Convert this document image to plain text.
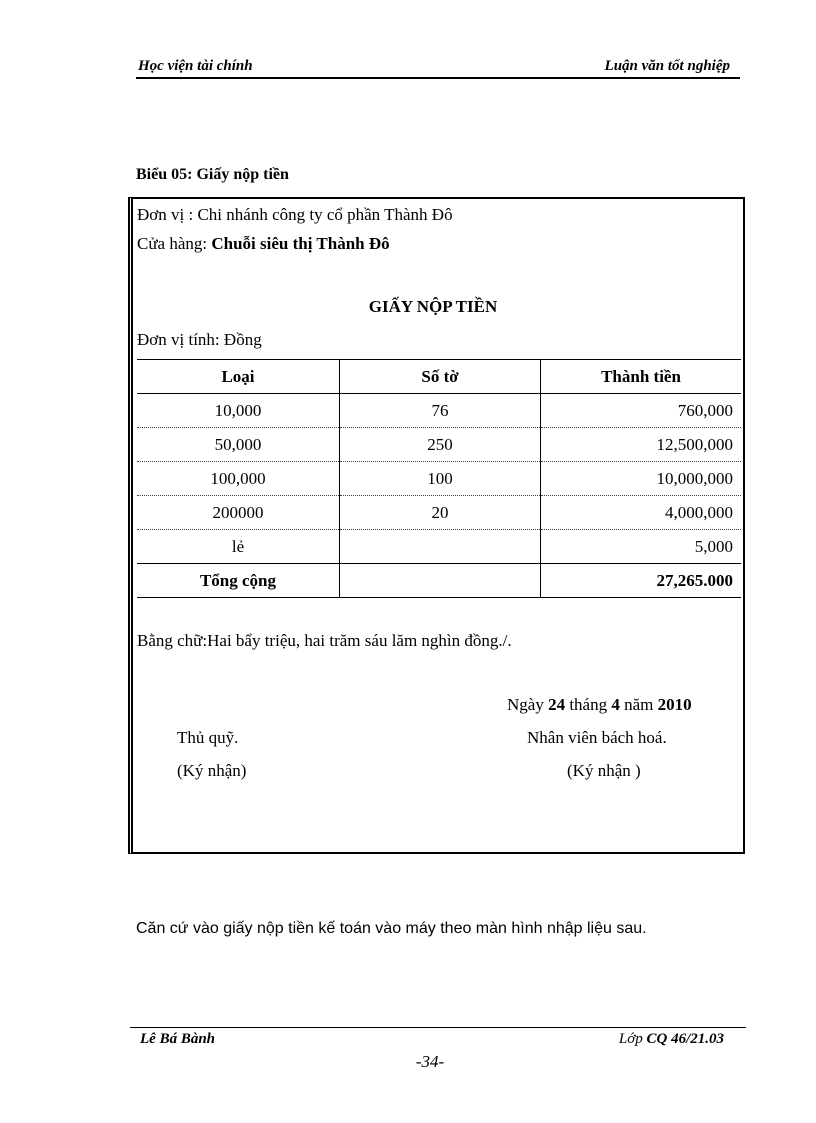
Học viện tài chính	Luận văn tốt nghiệp
Biểu 05: Giấy nộp tiền
Đơn vị : Chi nhánh công ty cổ phần Thành Đô
Cửa hàng: Chuỗi siêu thị Thành Đô
GIẤY NỘP TIỀN
Đơn vị tính: Đồng
Loại	Số tờ	Thành tiền
10,000	76	760,000
50,000	250	12,500,000
100,000	100	10,000,000
200000	20	4,000,000
lẻ		5,000
Tổng cộng		27,265.000
Bằng chữ:Hai bẩy triệu, hai trăm sáu lăm nghìn đồng./.
Ngày 24 tháng 4 năm 2010
Thủ quỹ.
(Ký nhận)
Nhân viên bách hoá.
(Ký nhận )
Căn cứ vào giấy nộp tiền kế toán vào máy theo màn hình nhập liệu sau.
Lê Bá Bành	Lớp CQ 46/21.03
-34-
